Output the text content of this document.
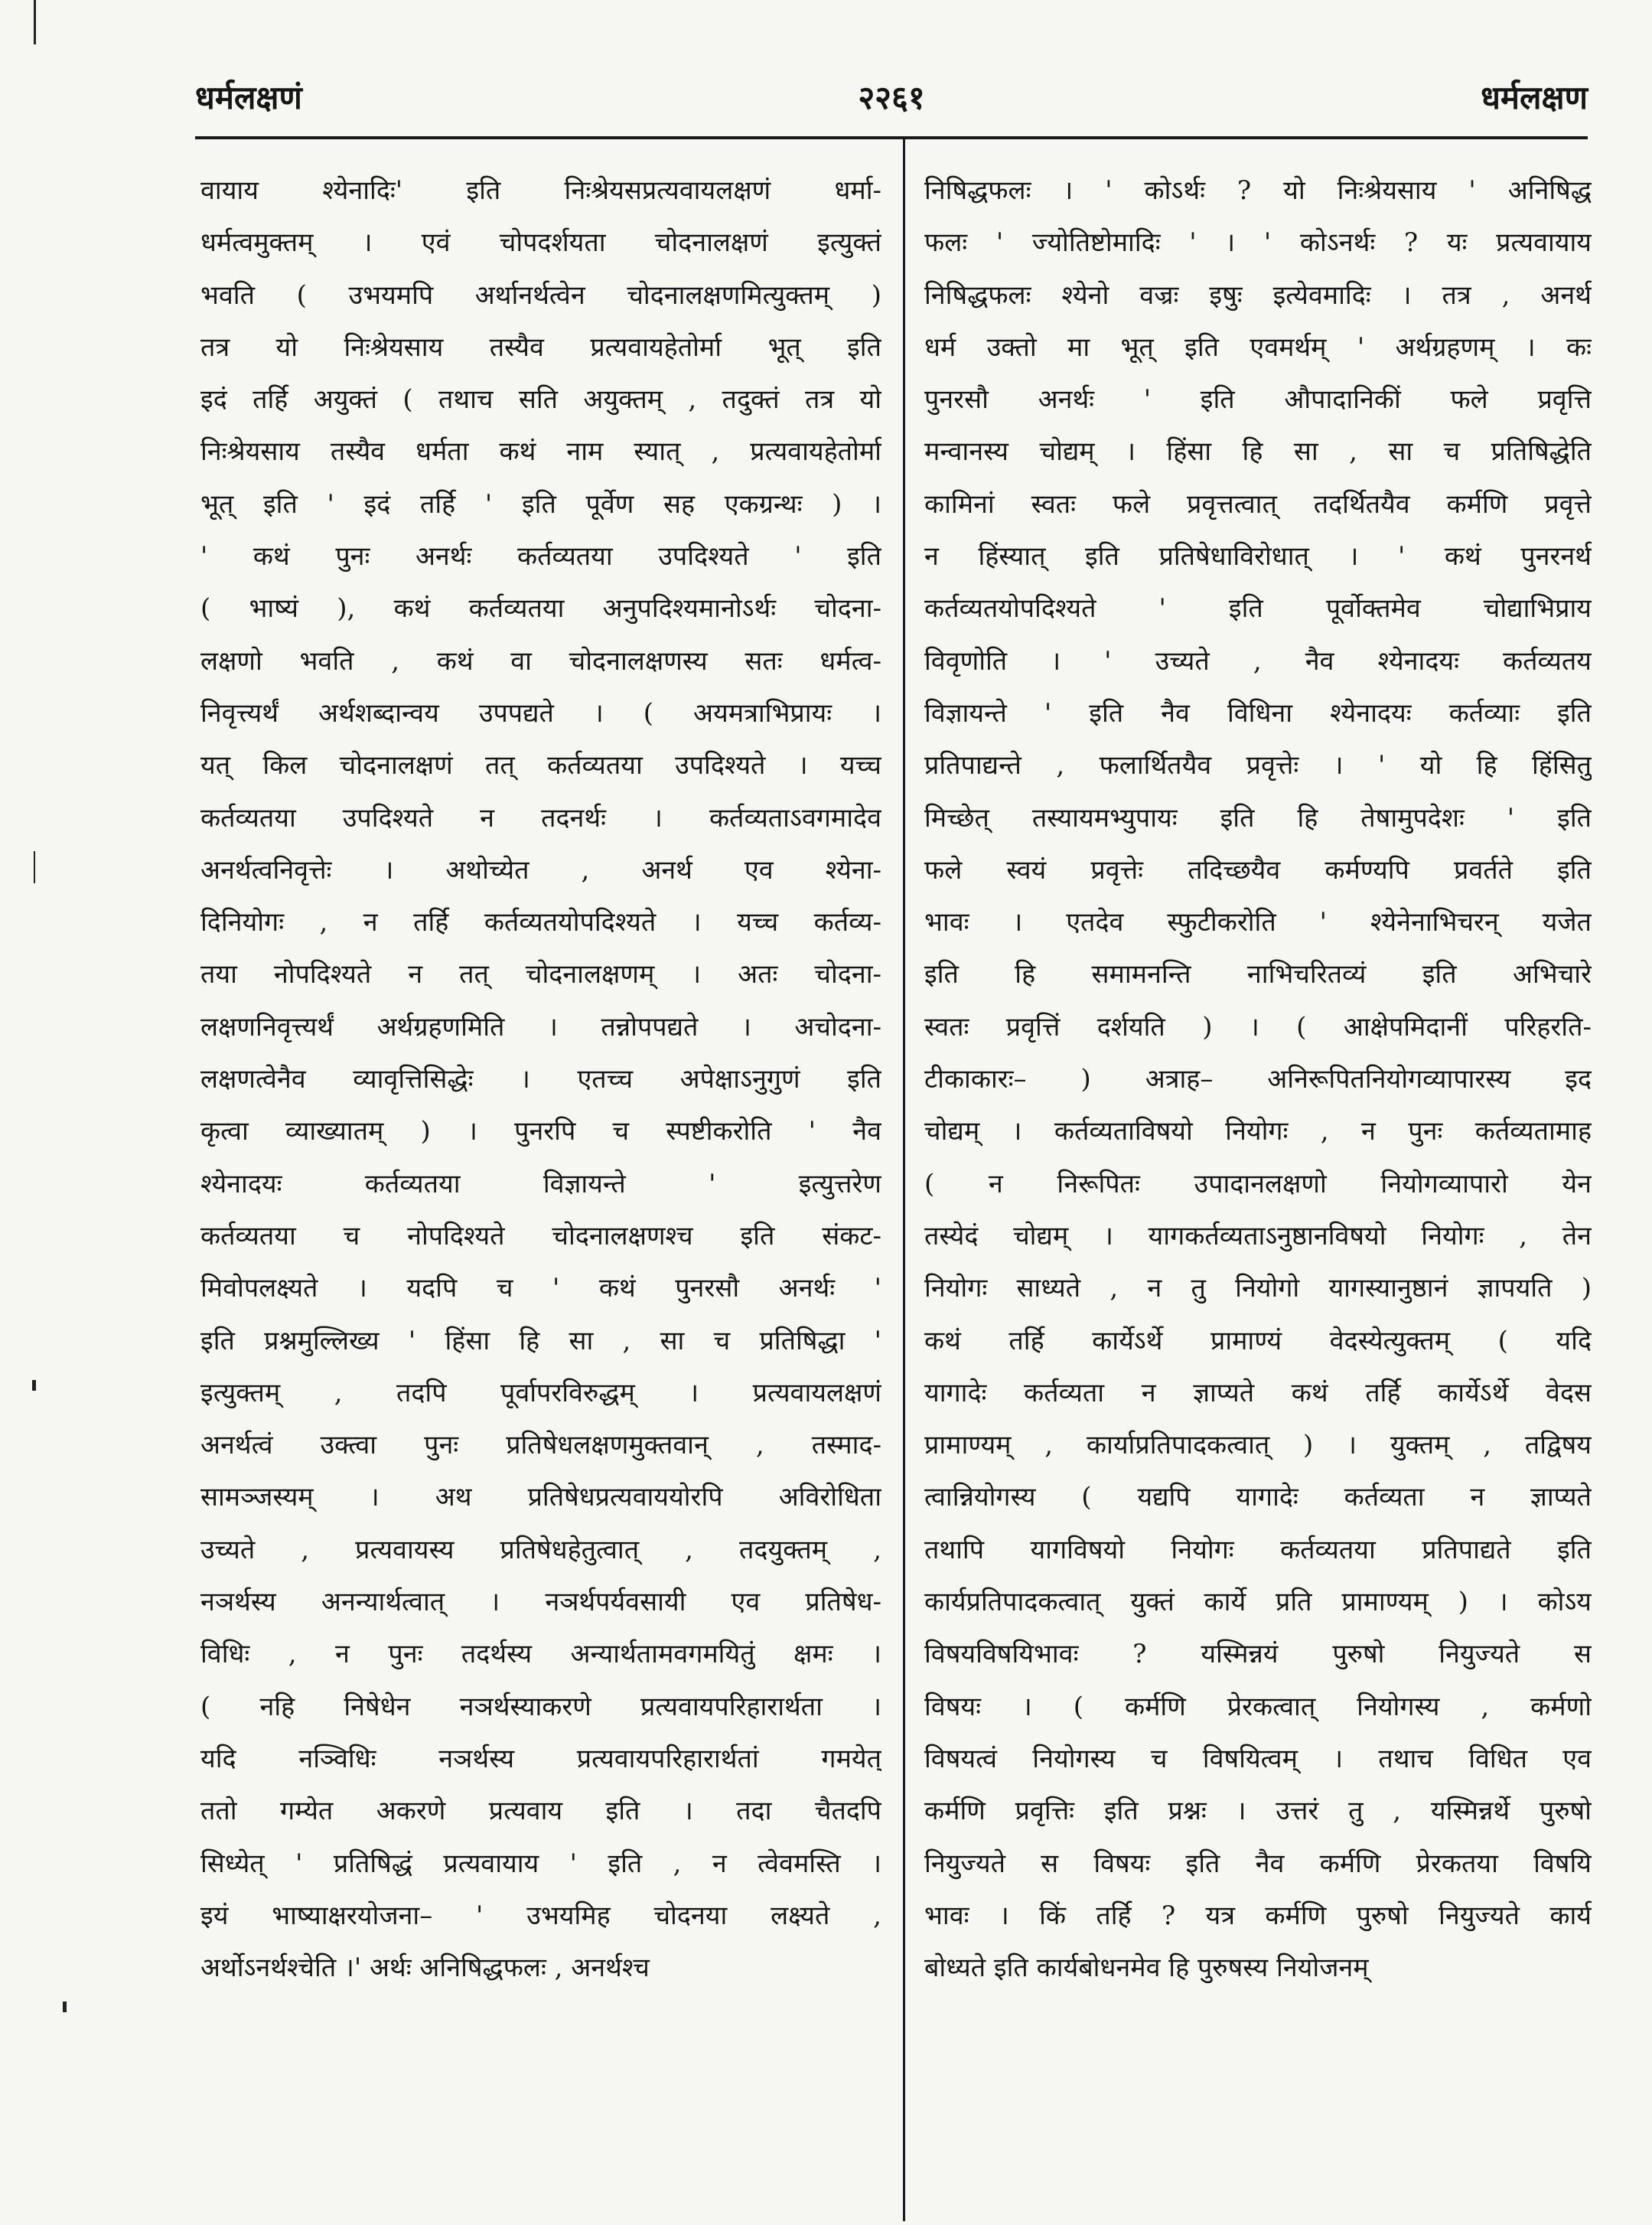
२२६१
धर्मलक्षणं	धर्मलक्षण
वायाय श्येनादिः' इति निःश्रेयसप्रत्यवायलक्षणं धर्मा-
धर्मत्वमुक्तम् । एवं चोपदर्शयता चोदनालक्षणं इत्युक्तं
भवति ( उभयमपि अर्थानर्थत्वेन चोदनालक्षणमित्युक्तम् )
तत्र यो निःश्रेयसाय तस्यैव प्रत्यवायहेतोर्मा भूत् इति
इदं तर्हि अयुक्तं ( तथाच सति अयुक्तम् , तदुक्तं तत्र यो
निःश्रेयसाय तस्यैव धर्मता कथं नाम स्यात् , प्रत्यवायहेतोर्मा
भूत् इति ' इदं तर्हि ' इति पूर्वेण सह एकग्रन्थः ) ।
' कथं पुनः अनर्थः कर्तव्यतया उपदिश्यते ' इति
( भाष्यं ), कथं कर्तव्यतया अनुपदिश्यमानोऽर्थः चोदना-
लक्षणो भवति , कथं वा चोदनालक्षणस्य सतः धर्मत्व-
निवृत्त्यर्थं अर्थशब्दान्वय उपपद्यते । ( अयमत्राभिप्रायः ।
यत् किल चोदनालक्षणं तत् कर्तव्यतया उपदिश्यते । यच्च
कर्तव्यतया उपदिश्यते न तदनर्थः । कर्तव्यताऽवगमादेव
अनर्थत्वनिवृत्तेः । अथोच्येत , अनर्थ एव श्येना-
दिनियोगः , न तर्हि कर्तव्यतयोपदिश्यते । यच्च कर्तव्य-
तया नोपदिश्यते न तत् चोदनालक्षणम् । अतः चोदना-
लक्षणनिवृत्त्यर्थं अर्थग्रहणमिति । तन्नोपपद्यते । अचोदना-
लक्षणत्वेनैव व्यावृत्तिसिद्धेः । एतच्च अपेक्षाऽनुगुणं इति
कृत्वा व्याख्यातम् ) । पुनरपि च स्पष्टीकरोति ' नैव
श्येनादयः कर्तव्यतया विज्ञायन्ते ' इत्युत्तरेण
कर्तव्यतया च नोपदिश्यते चोदनालक्षणश्च इति संकट-
मिवोपलक्ष्यते । यदपि च ' कथं पुनरसौ अनर्थः '
इति प्रश्नमुल्लिख्य ' हिंसा हि सा , सा च प्रतिषिद्धा '
इत्युक्तम् , तदपि पूर्वापरविरुद्धम् । प्रत्यवायलक्षणं
अनर्थत्वं उक्त्वा पुनः प्रतिषेधलक्षणमुक्तवान् , तस्माद-
सामञ्जस्यम् । अथ प्रतिषेधप्रत्यवाययोरपि अविरोधिता
उच्यते , प्रत्यवायस्य प्रतिषेधहेतुत्वात् , तदयुक्तम् ,
नञर्थस्य अनन्यार्थत्वात् । नञर्थपर्यवसायी एव प्रतिषेध-
विधिः , न पुनः तदर्थस्य अन्यार्थतामवगमयितुं क्षमः ।
( नहि निषेधेन नञर्थस्याकरणे प्रत्यवायपरिहारार्थता ।
यदि नञ्विधिः नञर्थस्य प्रत्यवायपरिहारार्थतां गमयेत्
ततो गम्येत अकरणे प्रत्यवाय इति । तदा चैतदपि
सिध्येत् ' प्रतिषिद्धं प्रत्यवायाय ' इति , न त्वेवमस्ति ।
इयं भाष्याक्षरयोजना– ' उभयमिह चोदनया लक्ष्यते ,
अर्थोऽनर्थश्चेति ।' अर्थः अनिषिद्धफलः , अनर्थश्च
निषिद्धफलः । ' कोऽर्थः ? यो निःश्रेयसाय ' अनिषिद्ध
फलः ' ज्योतिष्टोमादिः ' । ' कोऽनर्थः ? यः प्रत्यवायाय
निषिद्धफलः श्येनो वज्रः इषुः इत्येवमादिः । तत्र , अनर्थ
धर्म उक्तो मा भूत् इति एवमर्थम् ' अर्थग्रहणम् । कः
पुनरसौ अनर्थः ' इति औपादानिकीं फले प्रवृत्ति
मन्वानस्य चोद्यम् । हिंसा हि सा , सा च प्रतिषिद्धेति
कामिनां स्वतः फले प्रवृत्तत्वात् तदर्थितयैव कर्मणि प्रवृत्ते
न हिंस्यात् इति प्रतिषेधाविरोधात् । ' कथं पुनरनर्थ
कर्तव्यतयोपदिश्यते ' इति पूर्वोक्तमेव चोद्याभिप्राय
विवृणोति । ' उच्यते , नैव श्येनादयः कर्तव्यतय
विज्ञायन्ते ' इति नैव विधिना श्येनादयः कर्तव्याः इति
प्रतिपाद्यन्ते , फलार्थितयैव प्रवृत्तेः । ' यो हि हिंसितु
मिच्छेत् तस्यायमभ्युपायः इति हि तेषामुपदेशः ' इति
फले स्वयं प्रवृत्तेः तदिच्छयैव कर्मण्यपि प्रवर्तते इति
भावः । एतदेव स्फुटीकरोति ' श्येनेनाभिचरन् यजेत
इति हि समामनन्ति नाभिचरितव्यं इति अभिचारे
स्वतः प्रवृत्तिं दर्शयति ) । ( आक्षेपमिदानीं परिहरति-
टीकाकारः– ) अत्राह– अनिरूपितनियोगव्यापारस्य इद
चोद्यम् । कर्तव्यताविषयो नियोगः , न पुनः कर्तव्यतामाह
( न निरूपितः उपादानलक्षणो नियोगव्यापारो येन
तस्येदं चोद्यम् । यागकर्तव्यताऽनुष्ठानविषयो नियोगः , तेन
नियोगः साध्यते , न तु नियोगो यागस्यानुष्ठानं ज्ञापयति )
कथं तर्हि कार्येऽर्थे प्रामाण्यं वेदस्येत्युक्तम् ( यदि
यागादेः कर्तव्यता न ज्ञाप्यते कथं तर्हि कार्येऽर्थे वेदस
प्रामाण्यम् , कार्याप्रतिपादकत्वात् ) । युक्तम् , तद्विषय
त्वान्नियोगस्य ( यद्यपि यागादेः कर्तव्यता न ज्ञाप्यते
तथापि यागविषयो नियोगः कर्तव्यतया प्रतिपाद्यते इति
कार्यप्रतिपादकत्वात् युक्तं कार्ये प्रति प्रामाण्यम् ) । कोऽय
विषयविषयिभावः ? यस्मिन्नयं पुरुषो नियुज्यते स
विषयः । ( कर्मणि प्रेरकत्वात् नियोगस्य , कर्मणो
विषयत्वं नियोगस्य च विषयित्वम् । तथाच विधित एव
कर्मणि प्रवृत्तिः इति प्रश्नः । उत्तरं तु , यस्मिन्नर्थे पुरुषो
नियुज्यते स विषयः इति नैव कर्मणि प्रेरकतया विषयि
भावः । किं तर्हि ? यत्र कर्मणि पुरुषो नियुज्यते कार्य
बोध्यते इति कार्यबोधनमेव हि पुरुषस्य नियोजनम्
